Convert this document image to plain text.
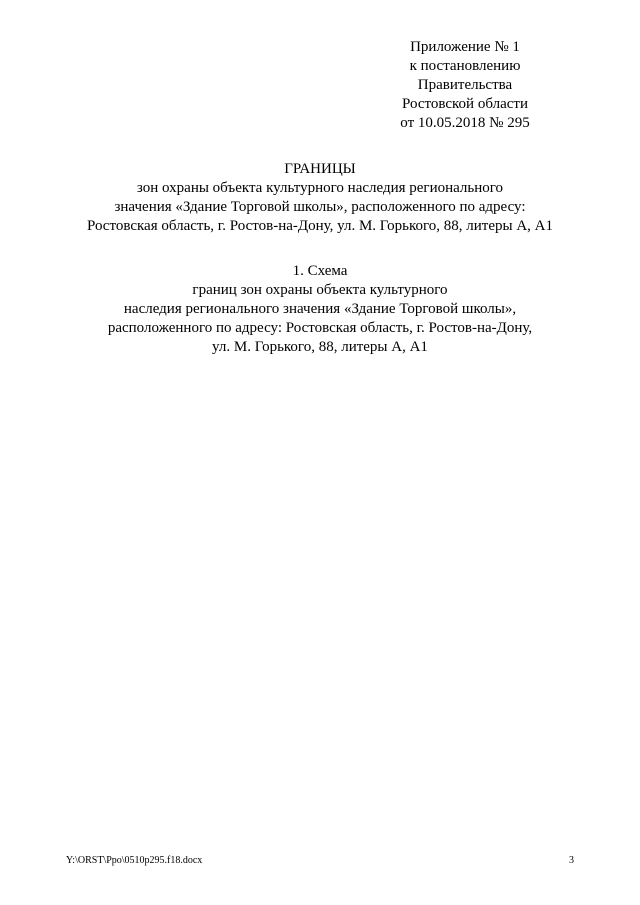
Приложение № 1
к постановлению
Правительства
Ростовской области
от 10.05.2018 № 295
ГРАНИЦЫ
зон охраны объекта культурного наследия регионального
значения «Здание Торговой школы», расположенного по адресу:
Ростовская область, г. Ростов-на-Дону, ул. М. Горького, 88, литеры А, А1
1. Схема
границ зон охраны объекта культурного
наследия регионального значения «Здание Торговой школы»,
расположенного по адресу: Ростовская область, г. Ростов-на-Дону,
ул. М. Горького, 88, литеры А, А1
Y:\ORST\Ppo\0510p295.f18.docx	3
